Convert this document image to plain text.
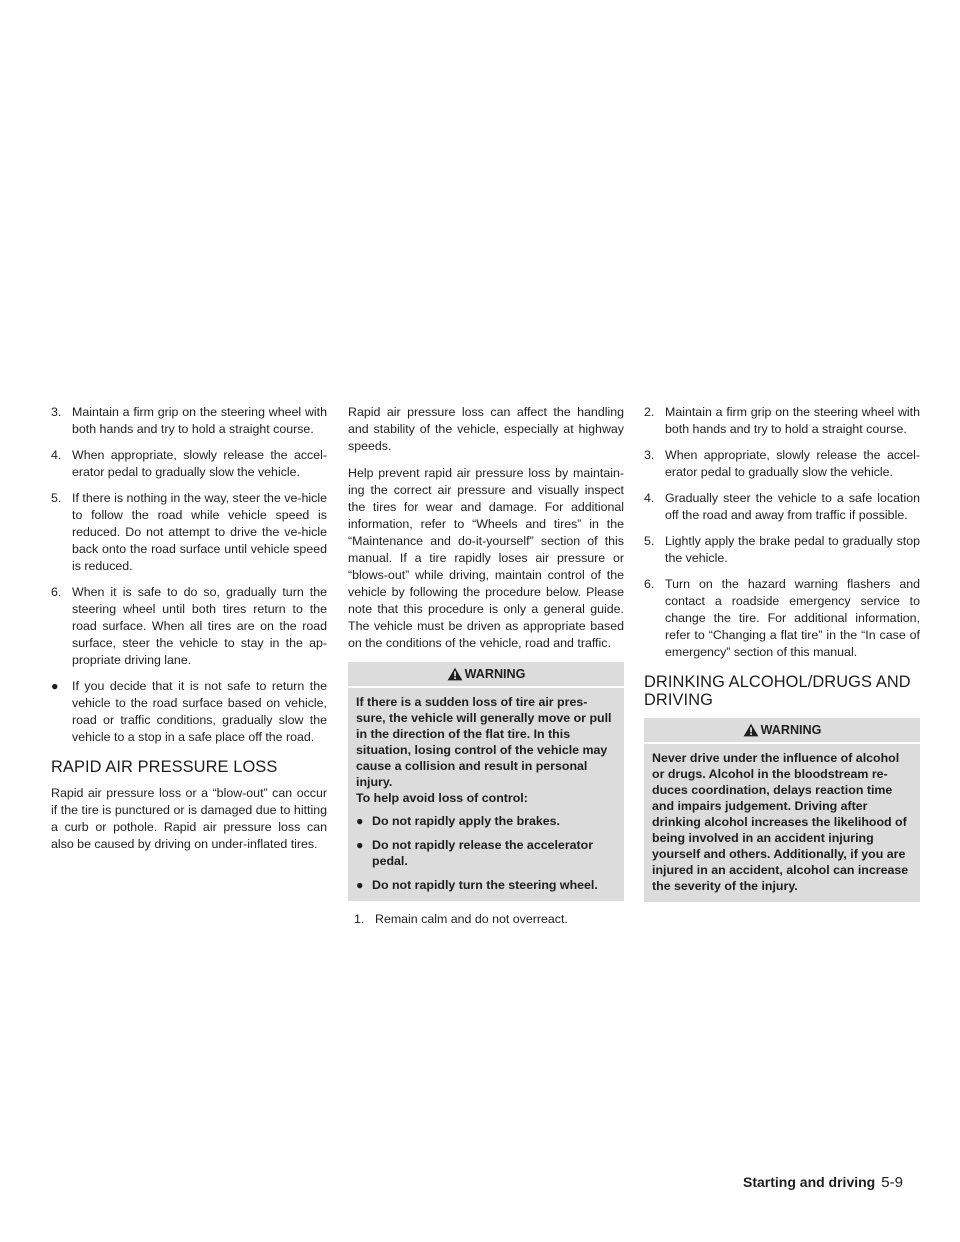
3. Maintain a firm grip on the steering wheel with both hands and try to hold a straight course.
4. When appropriate, slowly release the accel-erator pedal to gradually slow the vehicle.
5. If there is nothing in the way, steer the ve-hicle to follow the road while vehicle speed is reduced. Do not attempt to drive the ve-hicle back onto the road surface until vehicle speed is reduced.
6. When it is safe to do so, gradually turn the steering wheel until both tires return to the road surface. When all tires are on the road surface, steer the vehicle to stay in the ap-propriate driving lane.
●	If you decide that it is not safe to return the vehicle to the road surface based on vehicle, road or traffic conditions, gradually slow the vehicle to a stop in a safe place off the road.
RAPID AIR PRESSURE LOSS

Rapid air pressure loss or a “blow-out” can occur if the tire is punctured or is damaged due to hitting a curb or pothole. Rapid air pressure loss can also be caused by driving on under-inflated tires.

Rapid air pressure loss can affect the handling and stability of the vehicle, especially at highway speeds.

Help prevent rapid air pressure loss by maintain-ing the correct air pressure and visually inspect the tires for wear and damage. For additional information, refer to “Wheels and tires” in the “Maintenance and do-it-yourself” section of this manual. If a tire rapidly loses air pressure or “blows-out” while driving, maintain control of the vehicle by following the procedure below. Please note that this procedure is only a general guide. The vehicle must be driven as appropriate based on the conditions of the vehicle, road and traffic.

WARNING

If there is a sudden loss of tire air pres-sure, the vehicle will generally move or pull in the direction of the flat tire. In this situation, losing control of the vehicle may cause a collision and result in personal injury.

To help avoid loss of control:

● Do not rapidly apply the brakes.
● Do not rapidly release the accelerator pedal.
● Do not rapidly turn the steering wheel.
1. Remain calm and do not overreact.
2. Maintain a firm grip on the steering wheel with both hands and try to hold a straight course.
3. When appropriate, slowly release the accel-erator pedal to gradually slow the vehicle.
4. Gradually steer the vehicle to a safe location off the road and away from traffic if possible.
5. Lightly apply the brake pedal to gradually stop the vehicle.
6. Turn on the hazard warning flashers and contact a roadside emergency service to change the tire. For additional information, refer to “Changing a flat tire” in the “In case of emergency” section of this manual.
DRINKING ALCOHOL/DRUGS AND DRIVING
WARNING

Never drive under the influence of alcohol or drugs. Alcohol in the bloodstream re-duces coordination, delays reaction time and impairs judgement. Driving after drinking alcohol increases the likelihood of being involved in an accident injuring yourself and others. Additionally, if you are injured in an accident, alcohol can increase the severity of the injury.

Starting and driving 5-9
